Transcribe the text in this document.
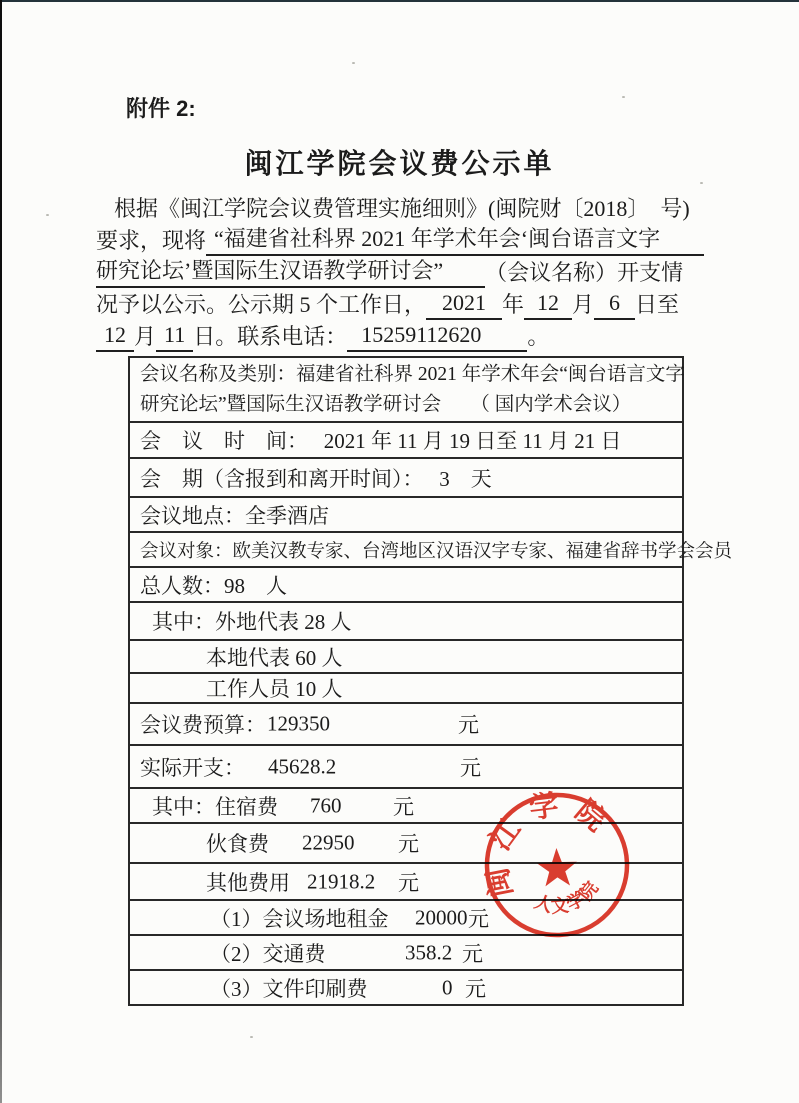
附件 2:
闽江学院会议费公示单
根据《闽江学院会议费管理实施细则》(闽院财〔2018〕　号)
要求，现将 “福建省社科界 2021 年学术年会‘闽台语言文字
研究论坛’暨国际生汉语教学研讨会” （会议名称）开支情
况予以公示。公示期 5 个工作日， 2021 年 12 月 6 日至
12 月 11 日。联系电话： 15259112620	。
会议名称及类别：福建省社科界 2021 年学术年会“闽台语言文字
研究论坛”暨国际生汉语教学研讨会　　（ 国内学术会议）
会　议　时　间：　 2021 年 11 月 19 日至 11 月 21 日
会　期（含报到和离开时间）：　 3　天
会议地点：全季酒店
会议对象：欧美汉教专家、台湾地区汉语汉字专家、福建省辞书学会会员
总人数：98　人
其中：外地代表 28 人
本地代表 60 人
工作人员 10 人
会议费预算： 129350	元
实际开支： 45628.2	元
其中：住宿费 760 元
伙食费 22950 元
其他费用 21918.2 元
（1）会议场地租金 20000 元
（2）交通费	358.2 元
（3）文件印刷费	0 元
闽江学院
人文学院
